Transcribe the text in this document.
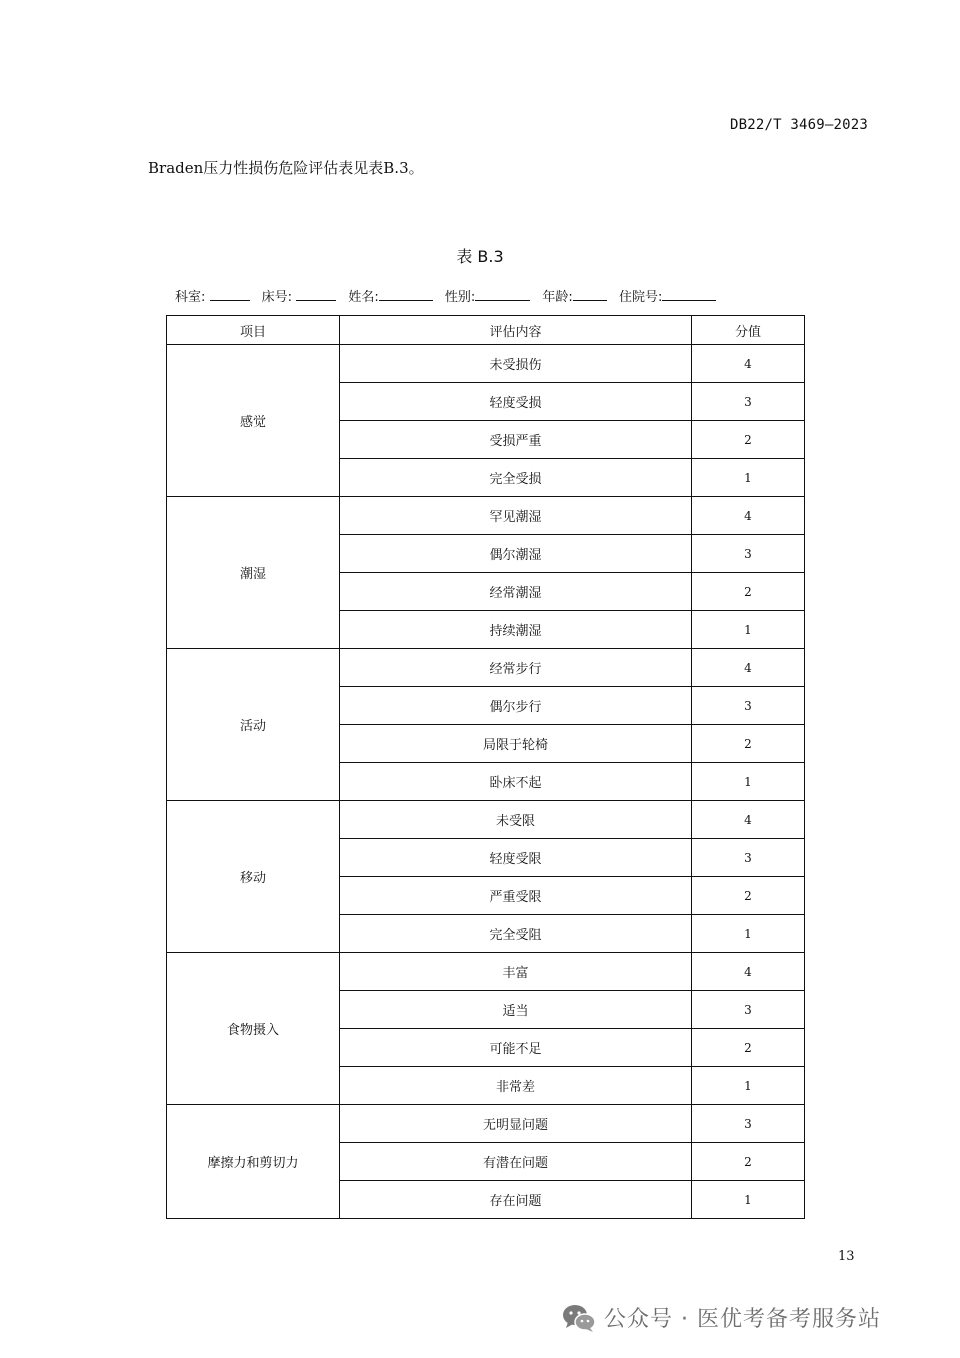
DB22/T 3469—2023
Braden压力性损伤危险评估表见表B.3。
表 B.3
科室:	床号:	姓名:	性别:	年龄:	住院号:
项目	评估内容	分值
感觉	未受损伤	4
	轻度受损	3
	受损严重	2
	完全受损	1
潮湿	罕见潮湿	4
	偶尔潮湿	3
	经常潮湿	2
	持续潮湿	1
活动	经常步行	4
	偶尔步行	3
	局限于轮椅	2
	卧床不起	1
移动	未受限	4
	轻度受限	3
	严重受限	2
	完全受阻	1
食物摄入	丰富	4
	适当	3
	可能不足	2
	非常差	1
摩擦力和剪切力	无明显问题	3
	有潜在问题	2
	存在问题	1
13
公众号 · 医优考备考服务站
